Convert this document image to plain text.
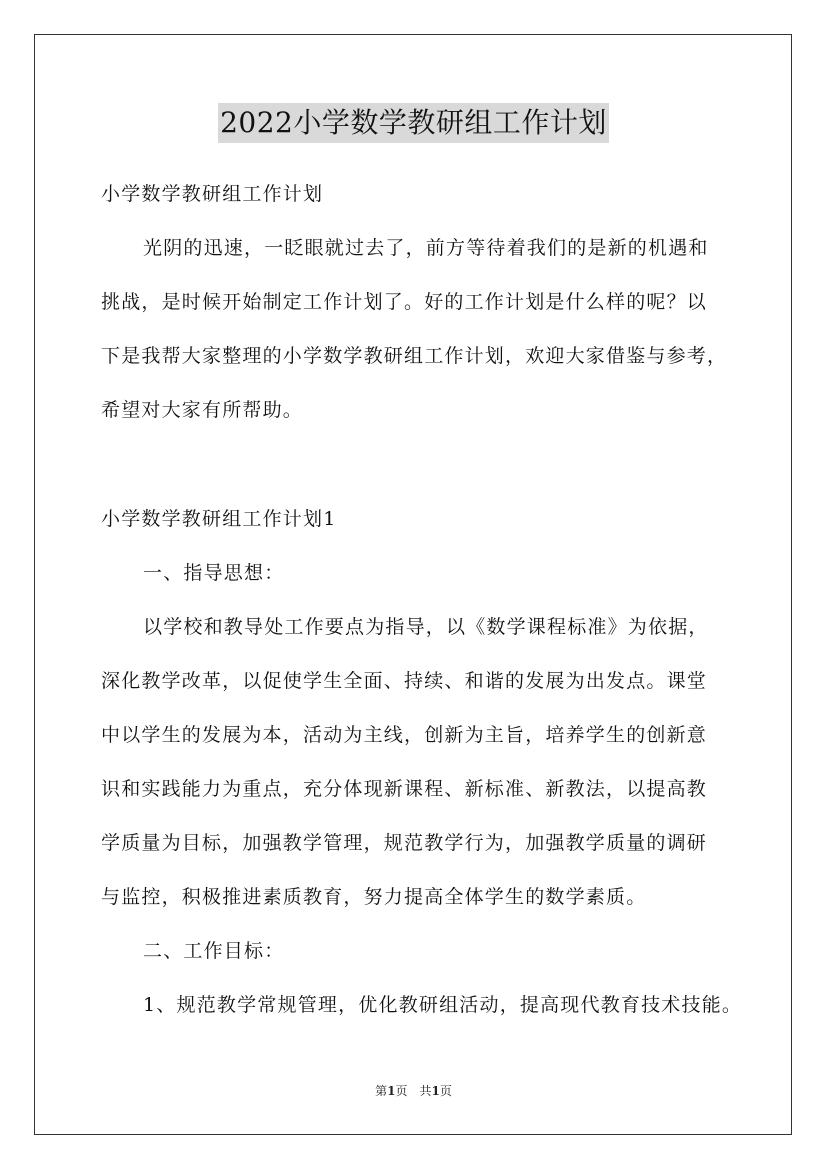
2022小学数学教研组工作计划
小学数学教研组工作计划
光阴的迅速，一眨眼就过去了，前方等待着我们的是新的机遇和
挑战，是时候开始制定工作计划了。好的工作计划是什么样的呢？以
下是我帮大家整理的小学数学教研组工作计划，欢迎大家借鉴与参考，
希望对大家有所帮助。
小学数学教研组工作计划1
一、指导思想：
以学校和教导处工作要点为指导，以《数学课程标准》为依据，
深化教学改革，以促使学生全面、持续、和谐的发展为出发点。课堂
中以学生的发展为本，活动为主线，创新为主旨，培养学生的创新意
识和实践能力为重点，充分体现新课程、新标准、新教法，以提高教
学质量为目标，加强教学管理，规范教学行为，加强教学质量的调研
与监控，积极推进素质教育，努力提高全体学生的数学素质。
二、工作目标：
1、规范教学常规管理，优化教研组活动，提高现代教育技术技能。
第1页　共1页
